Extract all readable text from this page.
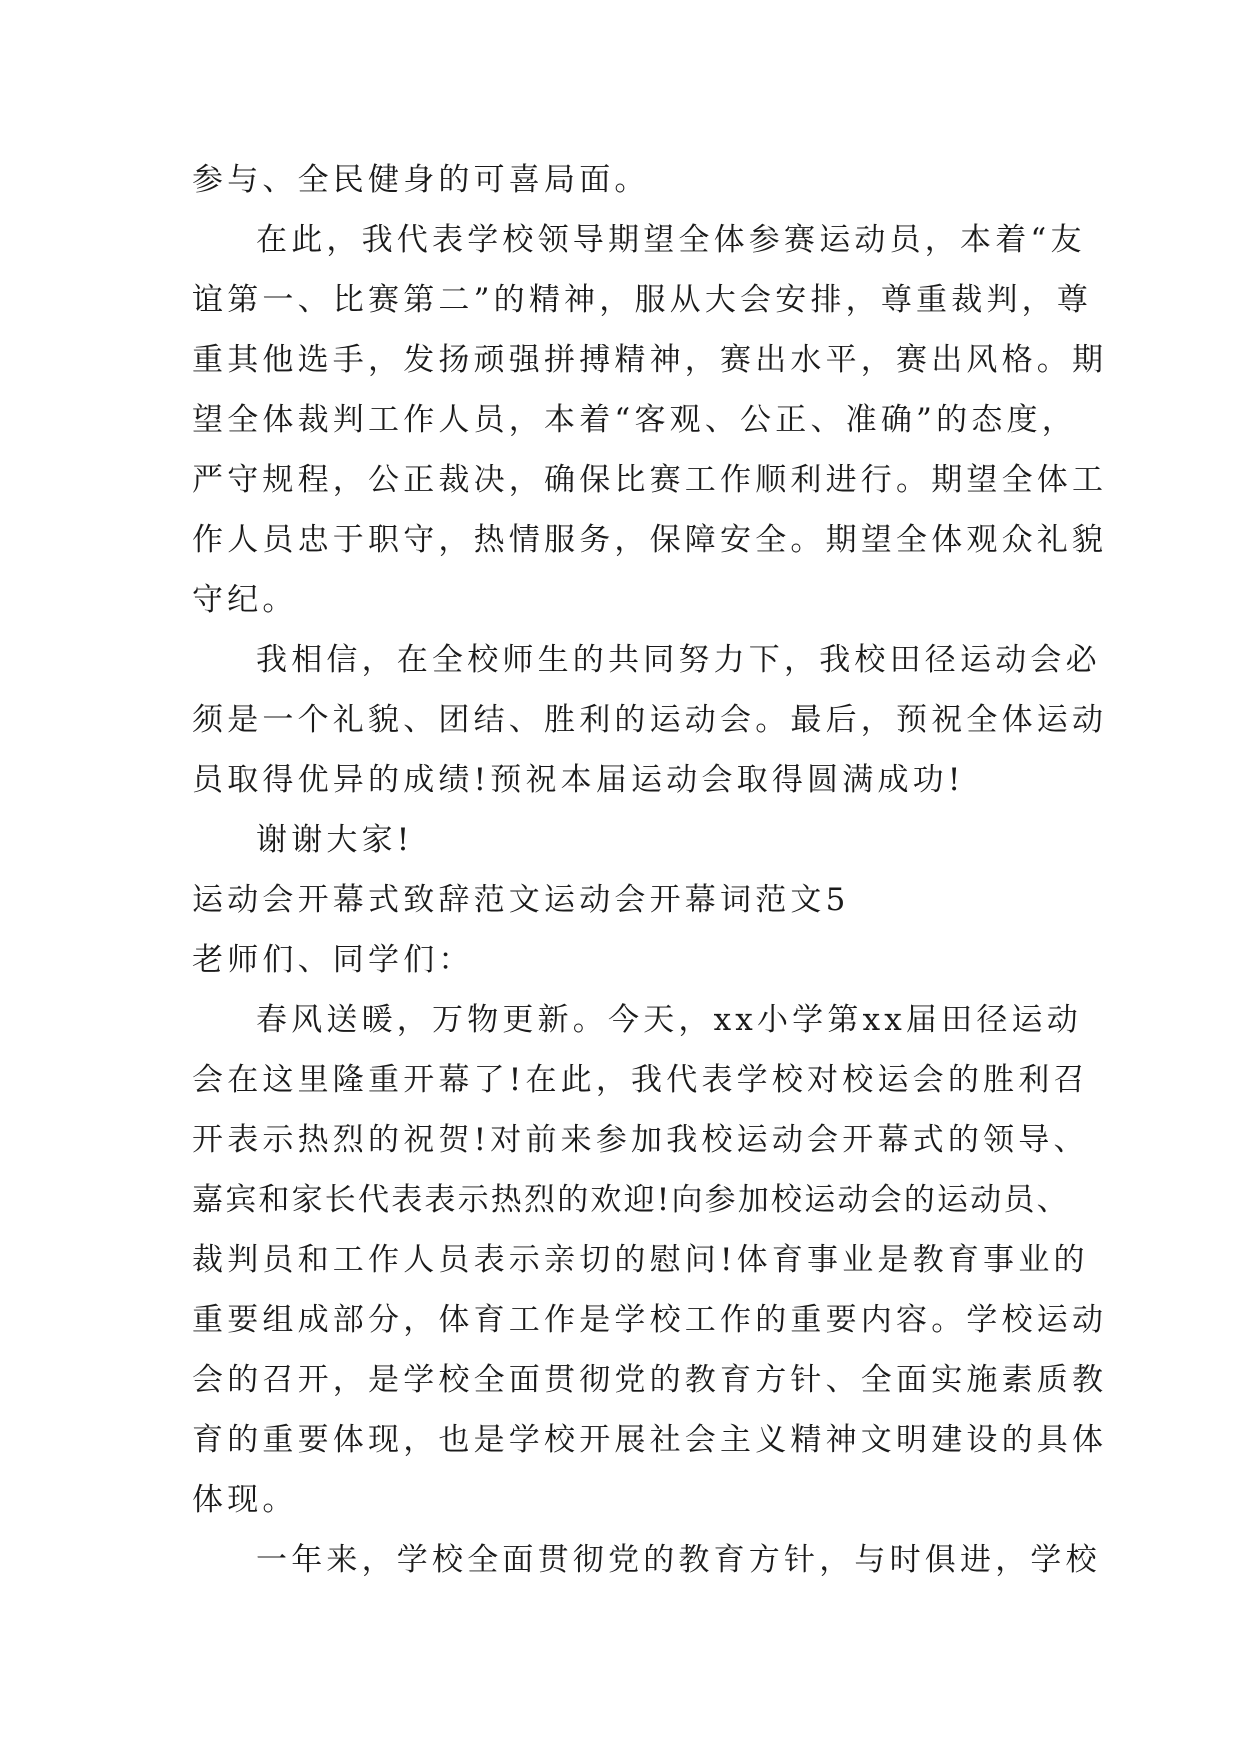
参与、全民健身的可喜局面。
在此，我代表学校领导期望全体参赛运动员，本着“友
谊第一、比赛第二”的精神，服从大会安排，尊重裁判，尊
重其他选手，发扬顽强拼搏精神，赛出水平，赛出风格。期
望全体裁判工作人员，本着“客观、公正、准确”的态度，
严守规程，公正裁决，确保比赛工作顺利进行。期望全体工
作人员忠于职守，热情服务，保障安全。期望全体观众礼貌
守纪。
我相信，在全校师生的共同努力下，我校田径运动会必
须是一个礼貌、团结、胜利的运动会。最后，预祝全体运动
员取得优异的成绩!预祝本届运动会取得圆满成功!
谢谢大家!
运动会开幕式致辞范文运动会开幕词范文5
老师们、同学们：
春风送暖，万物更新。今天，xx小学第xx届田径运动
会在这里隆重开幕了!在此，我代表学校对校运会的胜利召
开表示热烈的祝贺!对前来参加我校运动会开幕式的领导、
嘉宾和家长代表表示热烈的欢迎!向参加校运动会的运动员、
裁判员和工作人员表示亲切的慰问!体育事业是教育事业的
重要组成部分，体育工作是学校工作的重要内容。学校运动
会的召开，是学校全面贯彻党的教育方针、全面实施素质教
育的重要体现，也是学校开展社会主义精神文明建设的具体
体现。
一年来，学校全面贯彻党的教育方针，与时俱进，学校
